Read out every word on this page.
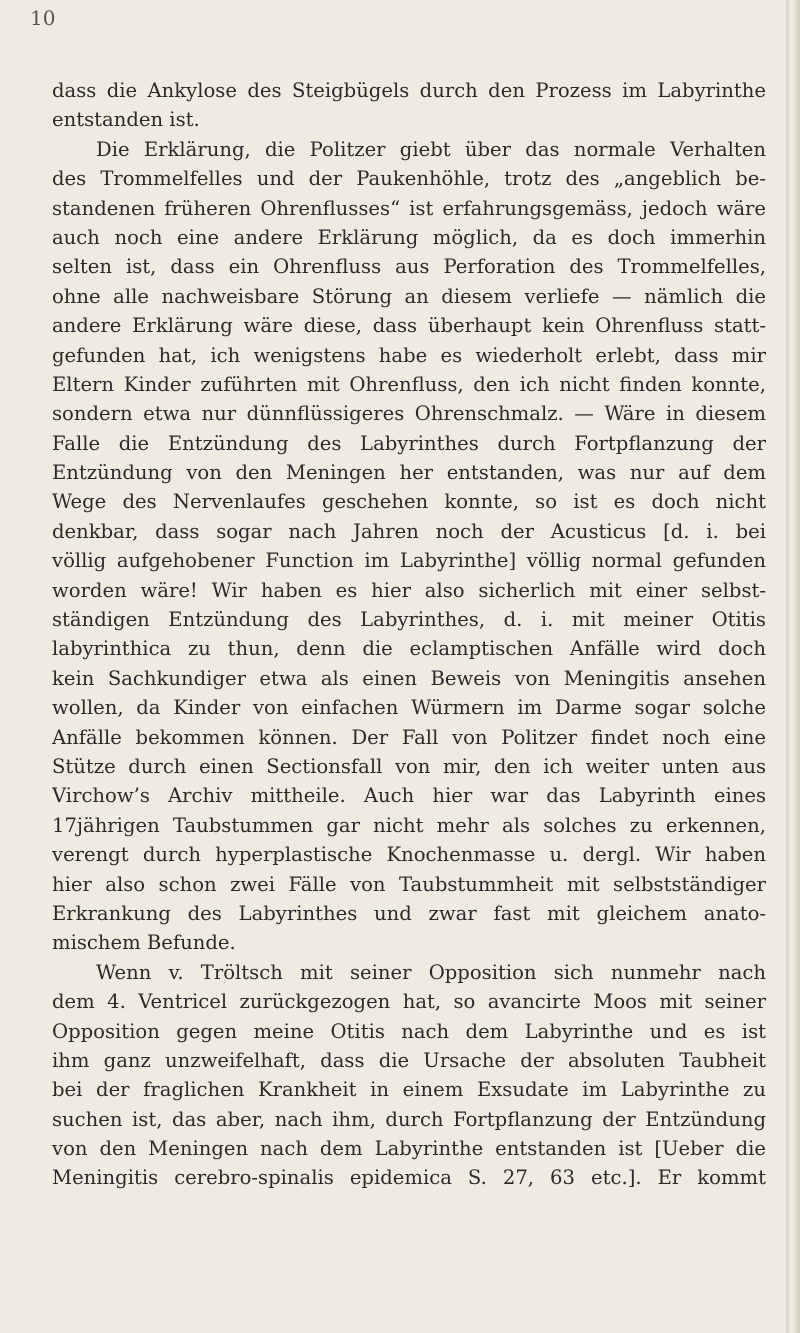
10
dass die Ankylose des Steigbügels durch den Prozess im Labyrinthe
entstanden ist.
Die Erklärung, die Politzer giebt über das normale Verhalten
des Trommelfelles und der Paukenhöhle, trotz des „angeblich be-
standenen früheren Ohrenflusses“ ist erfahrungsgemäss, jedoch wäre
auch noch eine andere Erklärung möglich, da es doch immerhin
selten ist, dass ein Ohrenfluss aus Perforation des Trommelfelles,
ohne alle nachweisbare Störung an diesem verliefe — nämlich die
andere Erklärung wäre diese, dass überhaupt kein Ohrenfluss statt-
gefunden hat, ich wenigstens habe es wiederholt erlebt, dass mir
Eltern Kinder zuführten mit Ohrenfluss, den ich nicht finden konnte,
sondern etwa nur dünnflüssigeres Ohrenschmalz. — Wäre in diesem
Falle die Entzündung des Labyrinthes durch Fortpflanzung der
Entzündung von den Meningen her entstanden, was nur auf dem
Wege des Nervenlaufes geschehen konnte, so ist es doch nicht
denkbar, dass sogar nach Jahren noch der Acusticus [d. i. bei
völlig aufgehobener Function im Labyrinthe] völlig normal gefunden
worden wäre! Wir haben es hier also sicherlich mit einer selbst-
ständigen Entzündung des Labyrinthes, d. i. mit meiner Otitis
labyrinthica zu thun, denn die eclamptischen Anfälle wird doch
kein Sachkundiger etwa als einen Beweis von Meningitis ansehen
wollen, da Kinder von einfachen Würmern im Darme sogar solche
Anfälle bekommen können. Der Fall von Politzer findet noch eine
Stütze durch einen Sectionsfall von mir, den ich weiter unten aus
Virchow’s Archiv mittheile. Auch hier war das Labyrinth eines
17jährigen Taubstummen gar nicht mehr als solches zu erkennen,
verengt durch hyperplastische Knochenmasse u. dergl. Wir haben
hier also schon zwei Fälle von Taubstummheit mit selbstständiger
Erkrankung des Labyrinthes und zwar fast mit gleichem anato-
mischem Befunde.
Wenn v. Tröltsch mit seiner Opposition sich nunmehr nach
dem 4. Ventricel zurückgezogen hat, so avancirte Moos mit seiner
Opposition gegen meine Otitis nach dem Labyrinthe und es ist
ihm ganz unzweifelhaft, dass die Ursache der absoluten Taubheit
bei der fraglichen Krankheit in einem Exsudate im Labyrinthe zu
suchen ist, das aber, nach ihm, durch Fortpflanzung der Entzündung
von den Meningen nach dem Labyrinthe entstanden ist [Ueber die
Meningitis cerebro-spinalis epidemica S. 27, 63 etc.]. Er kommt
